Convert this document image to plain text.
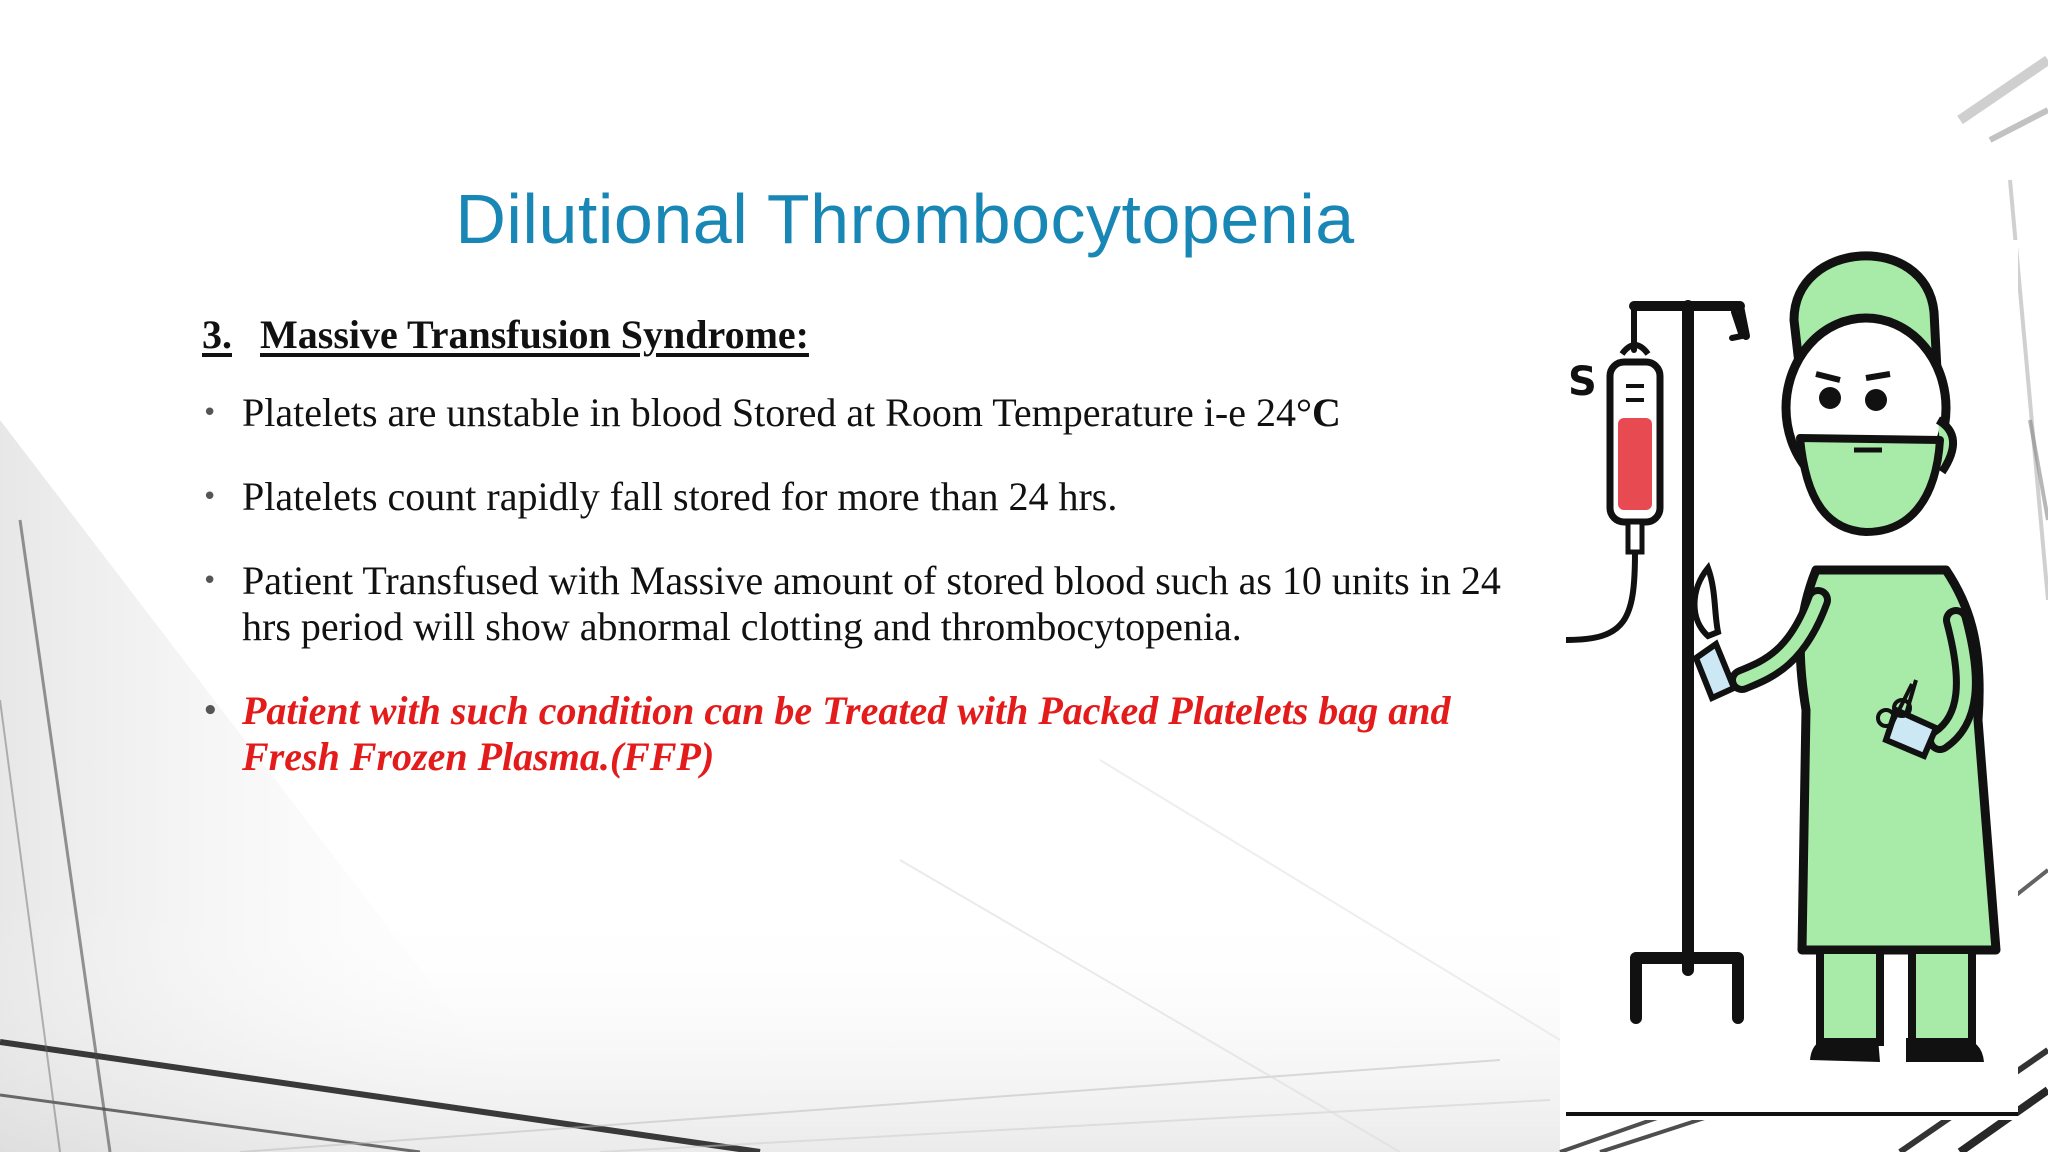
Dilutional Thrombocytopenia
3. Massive Transfusion Syndrome:
• Platelets are unstable in blood Stored at Room Temperature i-e 24°C
• Platelets count rapidly fall stored for more than 24 hrs.
• Patient Transfused with Massive amount of stored blood such as 10 units in 24 hrs period will show abnormal clotting and thrombocytopenia.
• Patient with such condition can be Treated with Packed Platelets bag and Fresh Frozen Plasma.(FFP)
S
